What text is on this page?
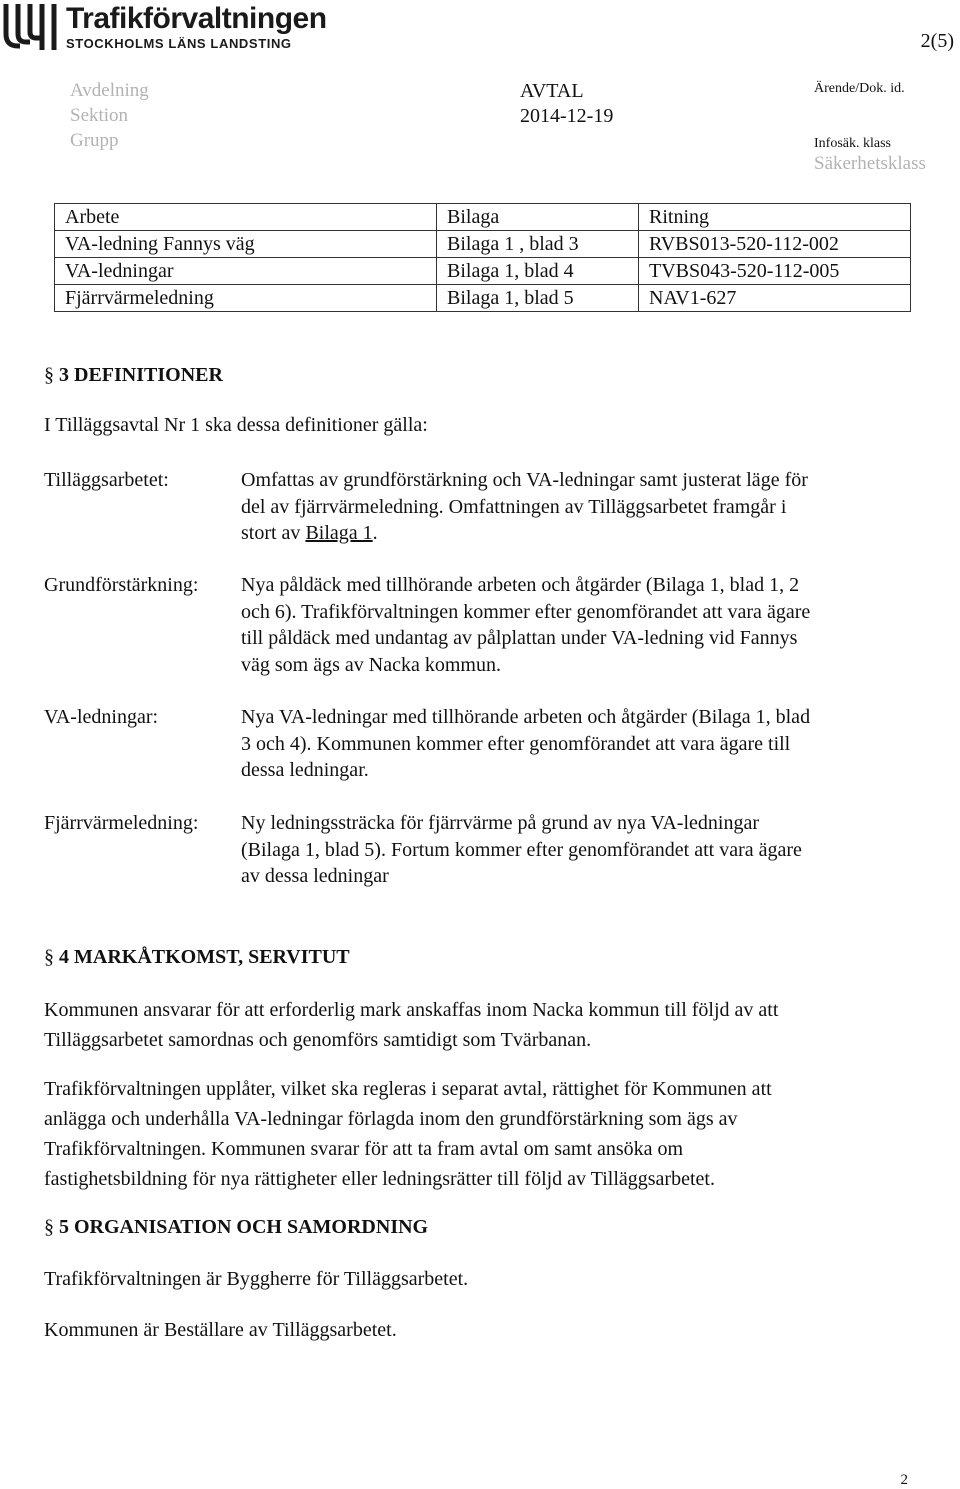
Trafikförvaltningen
STOCKHOLMS LÄNS LANDSTING	2(5)
Avdelning
Sektion
Grupp
AVTAL
2014-12-19
Ärende/Dok. id.
Infosäk. klass
Säkerhetsklass
Arbete	Bilaga	Ritning
VA-ledning Fannys väg	Bilaga 1 , blad 3	RVBS013-520-112-002
VA-ledningar	Bilaga 1, blad 4	TVBS043-520-112-005
Fjärrvärmeledning	Bilaga 1, blad 5	NAV1-627
§ 3 DEFINITIONER
I Tilläggsavtal Nr 1 ska dessa definitioner gälla:
Tilläggsarbetet:	Omfattas av grundförstärkning och VA-ledningar samt justerat läge för
del av fjärrvärmeledning. Omfattningen av Tilläggsarbetet framgår i
stort av Bilaga 1.
Grundförstärkning: Nya påldäck med tillhörande arbeten och åtgärder (Bilaga 1, blad 1, 2
och 6). Trafikförvaltningen kommer efter genomförandet att vara ägare
till påldäck med undantag av pålplattan under VA-ledning vid Fannys
väg som ägs av Nacka kommun.
VA-ledningar:	Nya VA-ledningar med tillhörande arbeten och åtgärder (Bilaga 1, blad
3 och 4). Kommunen kommer efter genomförandet att vara ägare till
dessa ledningar.
Fjärrvärmeledning: Ny ledningssträcka för fjärrvärme på grund av nya VA-ledningar
(Bilaga 1, blad 5). Fortum kommer efter genomförandet att vara ägare
av dessa ledningar
§ 4 MARKÅTKOMST, SERVITUT
Kommunen ansvarar för att erforderlig mark anskaffas inom Nacka kommun till följd av att
Tilläggsarbetet samordnas och genomförs samtidigt som Tvärbanan.
Trafikförvaltningen upplåter, vilket ska regleras i separat avtal, rättighet för Kommunen att
anlägga och underhålla VA-ledningar förlagda inom den grundförstärkning som ägs av
Trafikförvaltningen. Kommunen svarar för att ta fram avtal om samt ansöka om
fastighetsbildning för nya rättigheter eller ledningsrätter till följd av Tilläggsarbetet.
§ 5 ORGANISATION OCH SAMORDNING
Trafikförvaltningen är Byggherre för Tilläggsarbetet.
Kommunen är Beställare av Tilläggsarbetet.
2
